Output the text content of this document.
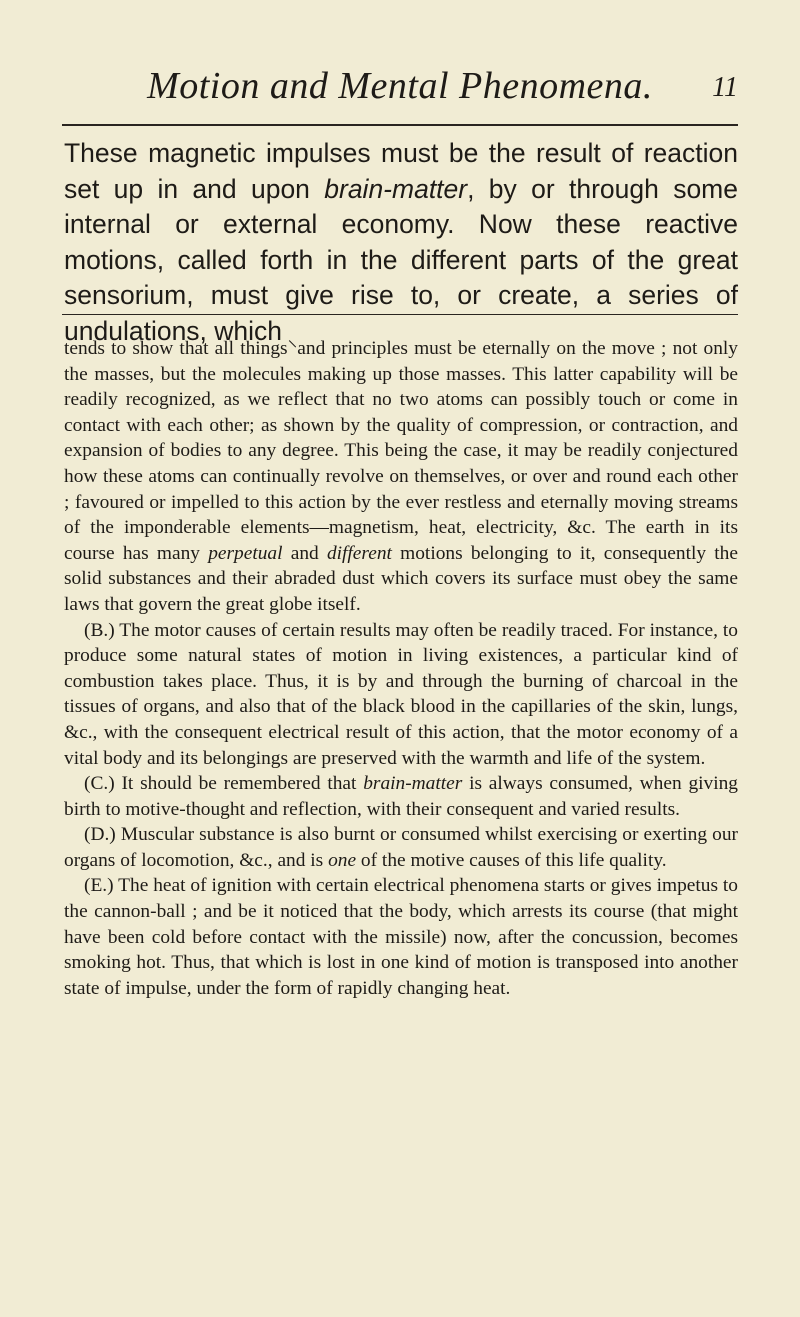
Motion and Mental Phenomena.	11

These magnetic impulses must be the result of reaction set up in and upon brain-matter, by or through some internal or external economy. Now these reactive motions, called forth in the different parts of the great sensorium, must give rise to, or create, a series of undulations, which

tends to show that all things⸌and principles must be eternally on the move ; not only the masses, but the molecules making up those masses. This latter capability will be readily recognized, as we reflect that no two atoms can possibly touch or come in contact with each other; as shown by the quality of compression, or contraction, and expansion of bodies to any degree. This being the case, it may be readily conjectured how these atoms can continually revolve on themselves, or over and round each other ; favoured or impelled to this action by the ever restless and eternally moving streams of the imponderable elements—magnetism, heat, electricity, &c. The earth in its course has many perpetual and different motions belonging to it, consequently the solid substances and their abraded dust which covers its surface must obey the same laws that govern the great globe itself.

(B.) The motor causes of certain results may often be readily traced. For instance, to produce some natural states of motion in living existences, a particular kind of combustion takes place. Thus, it is by and through the burning of charcoal in the tissues of organs, and also that of the black blood in the capillaries of the skin, lungs, &c., with the consequent electrical result of this action, that the motor economy of a vital body and its belongings are preserved with the warmth and life of the system.

(C.) It should be remembered that brain-matter is always consumed, when giving birth to motive-thought and reflection, with their consequent and varied results.

(D.) Muscular substance is also burnt or consumed whilst exercising or exerting our organs of locomotion, &c., and is one of the motive causes of this life quality.

(E.) The heat of ignition with certain electrical phenomena starts or gives impetus to the cannon-ball ; and be it noticed that the body, which arrests its course (that might have been cold before contact with the missile) now, after the concussion, becomes smoking hot. Thus, that which is lost in one kind of motion is transposed into another state of impulse, under the form of rapidly changing heat.
